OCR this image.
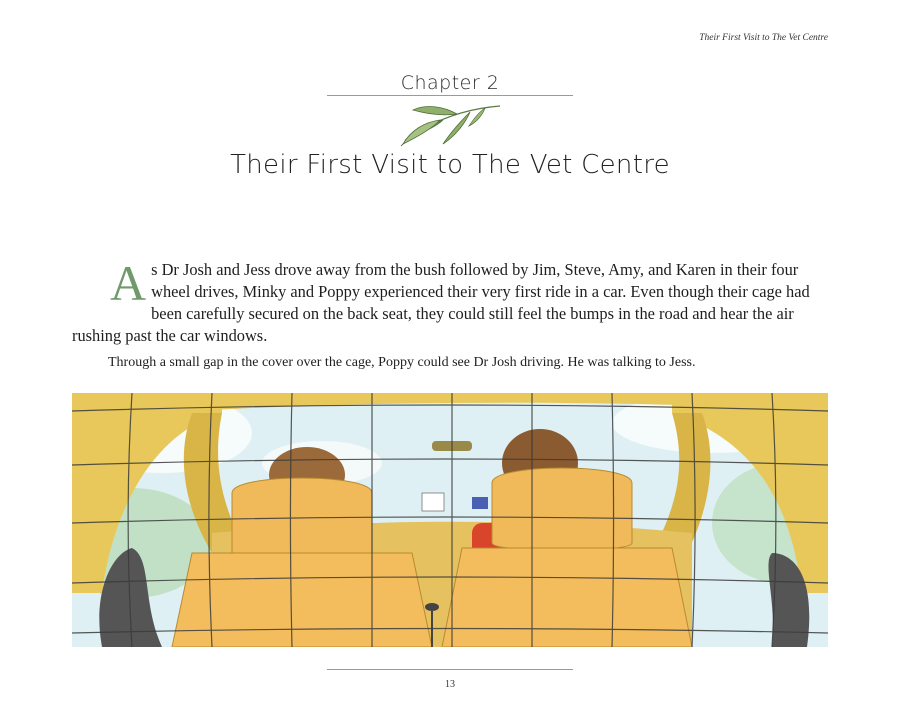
Their First Visit to The Vet Centre
Chapter 2
Their First Visit to The Vet Centre

As Dr Josh and Jess drove away from the bush followed by Jim, Steve, Amy, and Karen in their four wheel drives, Minky and Poppy experienced their very first ride in a car. Even though their cage had been carefully secured on the back seat, they could still feel the bumps in the road and hear the air rushing past the car windows.

Through a small gap in the cover over the cage, Poppy could see Dr Josh driving. He was talking to Jess.

13
